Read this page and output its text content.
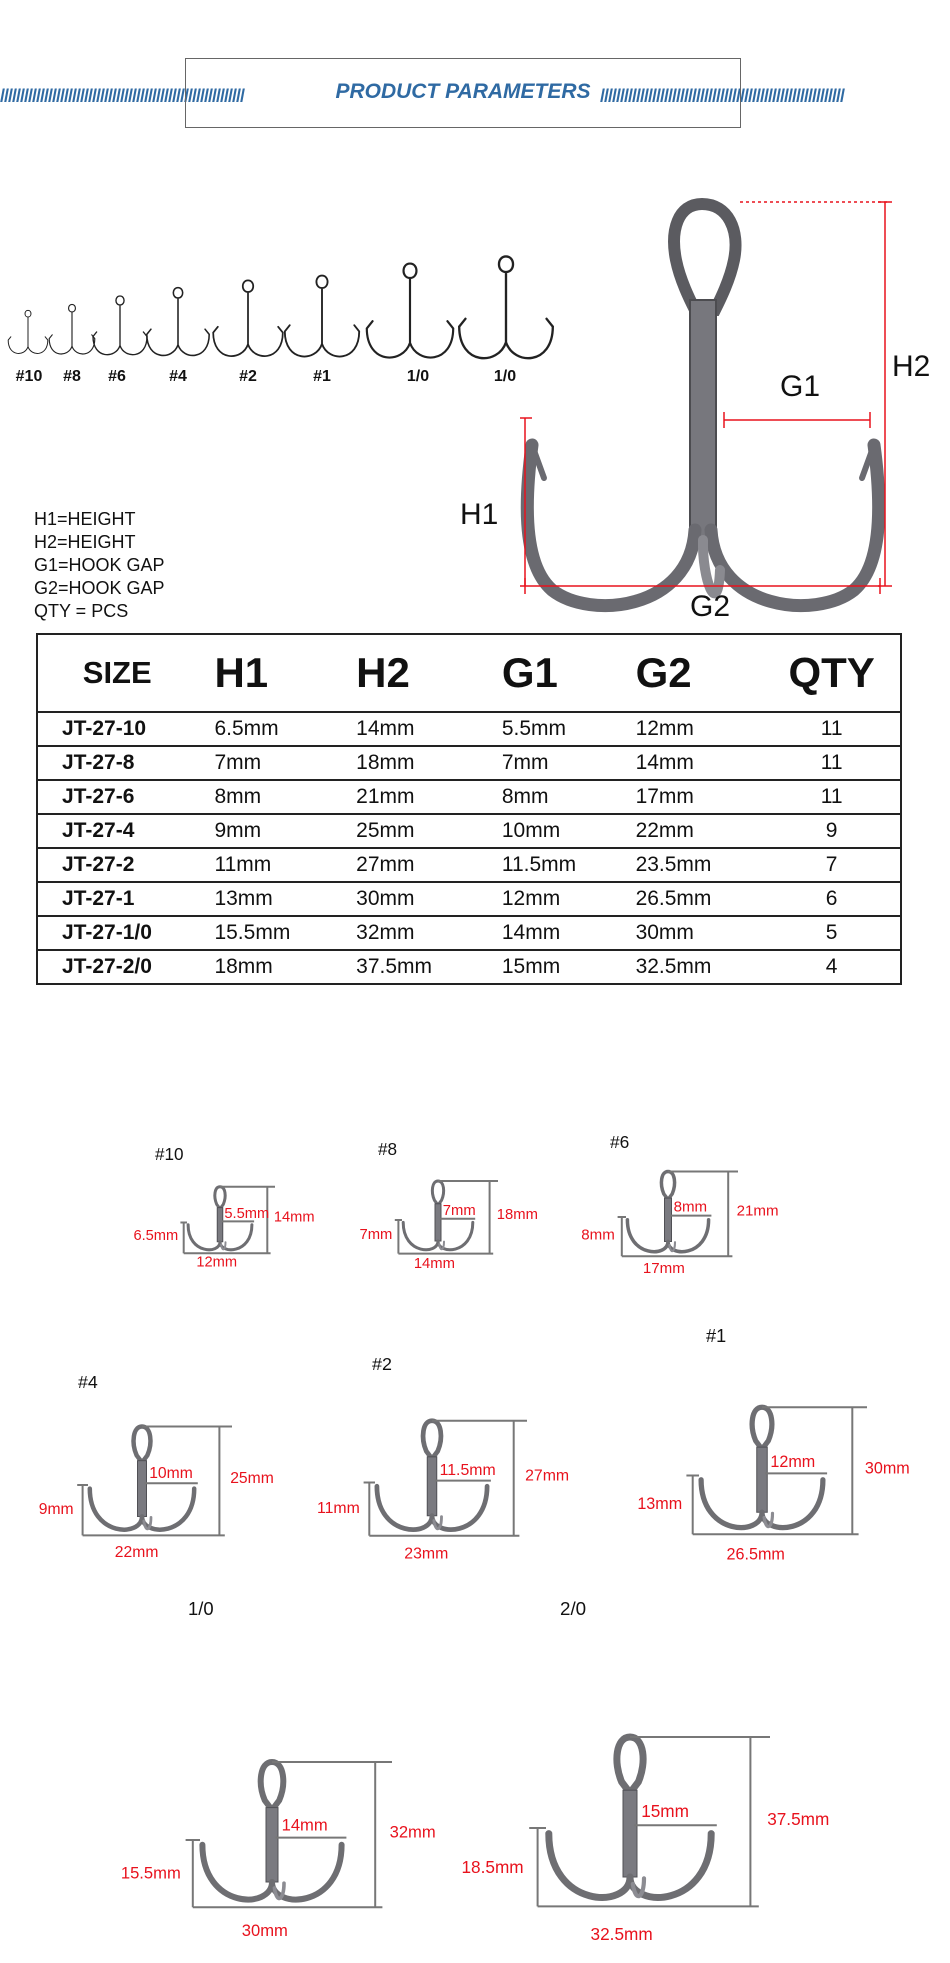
/////////////////////////////////////////////////////////////	/////////////////////////////////////////////////////////////
PRODUCT PARAMETERS
#10	#8	#6	#4	#2	#1	1/0	1/0	H2
G1
H1
G2
H1=HEIGHT
H2=HEIGHT
G1=HOOK GAP
G2=HOOK GAP
QTY = PCS
SIZE	H1	H2	G1	G2	QTY
JT-27-10	6.5mm	14mm	5.5mm	12mm	11
JT-27-8	7mm	18mm	7mm	14mm	11
JT-27-6	8mm	21mm	8mm	17mm	11
JT-27-4	9mm	25mm	10mm	22mm	9
JT-27-2	11mm	27mm	11.5mm	23.5mm	7
JT-27-1	13mm	30mm	12mm	26.5mm	6
JT-27-1/0	15.5mm	32mm	14mm	30mm	5
JT-27-2/0	18mm	37.5mm	15mm	32.5mm	4
#10
5.5mm 14mm
6.5mm
12mm
#8
7mm 18mm
7mm
14mm
#6
8mm 21mm
8mm
17mm
#4
10mm 25mm
9mm
22mm
#2
11.5mm 27mm
11mm
23mm
#1
12mm	30mm
13mm
26.5mm
1/0
14mm	32mm
15.5mm
30mm
2/0
15mm	37.5mm
18.5mm
32.5mm
